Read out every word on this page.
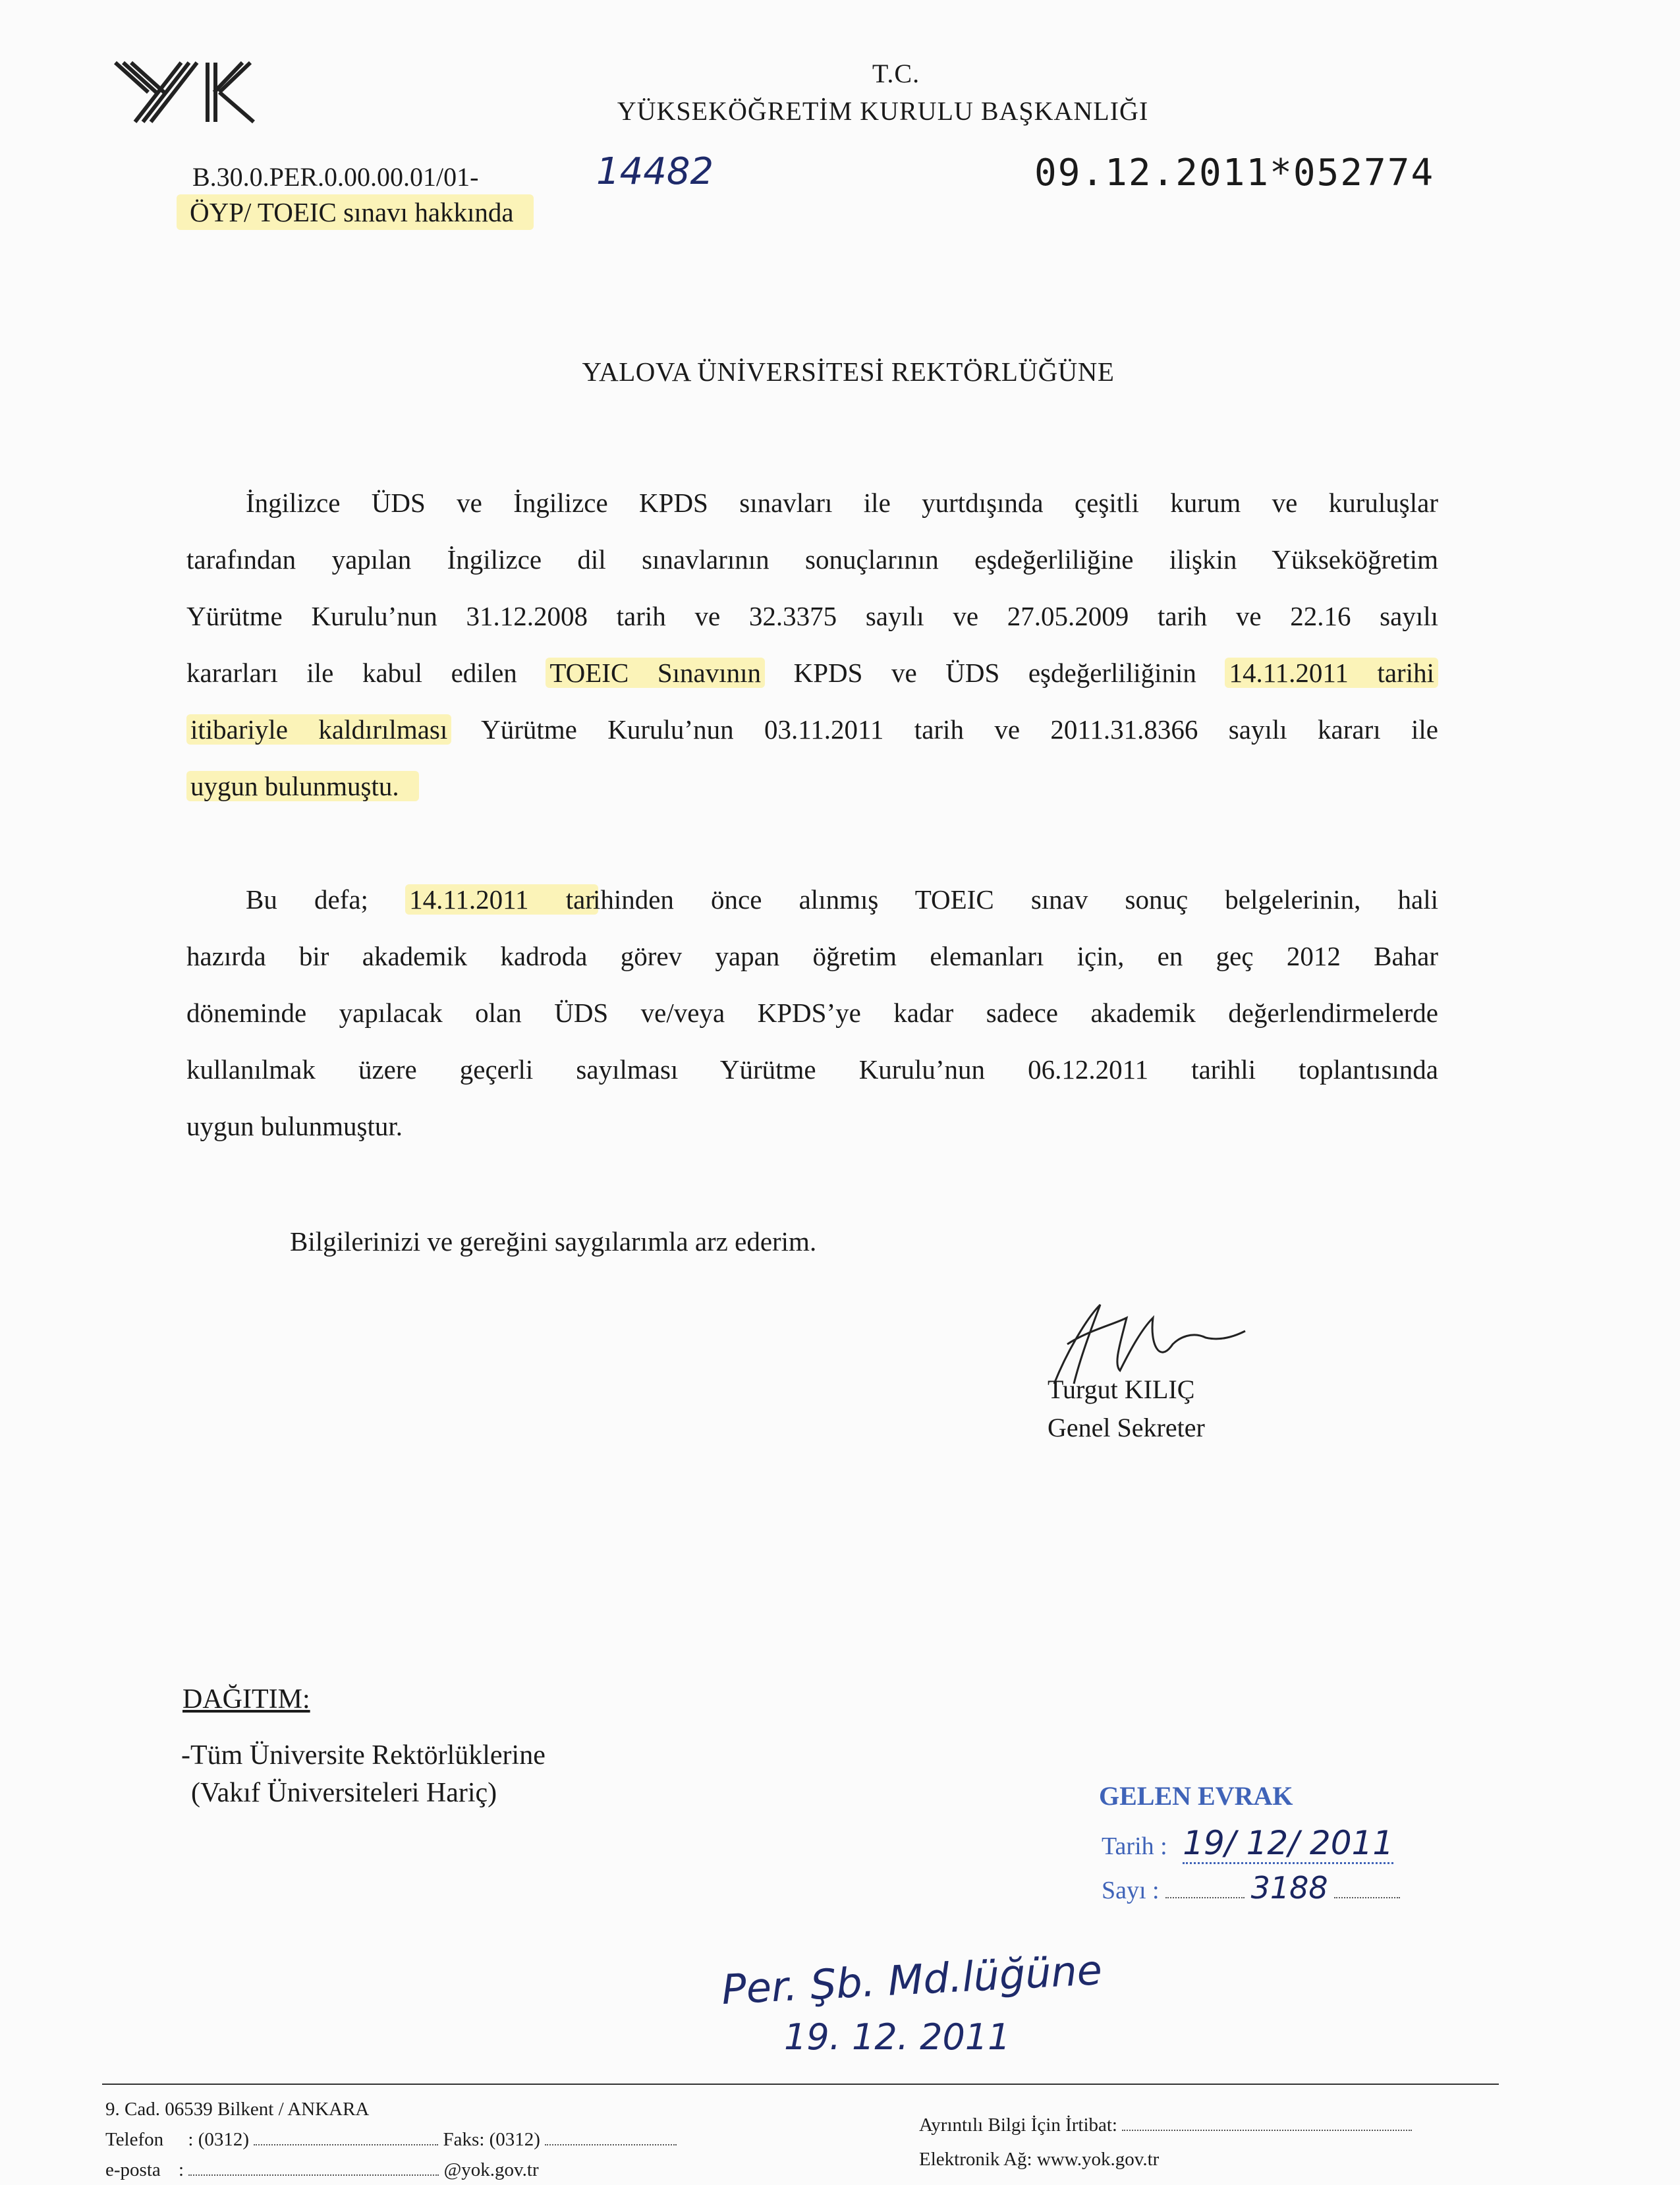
T.C.
YÜKSEKÖĞRETİM KURULU BAŞKANLIĞI
B.30.0.PER.0.00.00.01/01-	14482	09.12.2011*052774
ÖYP/ TOEIC sınavı hakkında
YALOVA ÜNİVERSİTESİ REKTÖRLÜĞÜNE
İngilizce ÜDS ve İngilizce KPDS sınavları ile yurtdışında çeşitli kurum ve kuruluşlar
tarafından yapılan İngilizce dil sınavlarının sonuçlarının eşdeğerliliğine ilişkin Yükseköğretim
Yürütme Kurulu’nun 31.12.2008 tarih ve 32.3375 sayılı ve 27.05.2009 tarih ve 22.16 sayılı
kararları ile kabul edilen TOEIC Sınavının KPDS ve ÜDS eşdeğerliliğinin 14.11.2011 tarihi
itibariyle kaldırılması Yürütme Kurulu’nun 03.11.2011 tarih ve 2011.31.8366 sayılı kararı ile
uygun bulunmuştu.
Bu defa; 14.11.2011 tarihinden önce alınmış TOEIC sınav sonuç belgelerinin, hali
hazırda bir akademik kadroda görev yapan öğretim elemanları için, en geç 2012 Bahar
döneminde yapılacak olan ÜDS ve/veya KPDS’ye kadar sadece akademik değerlendirmelerde
kullanılmak üzere geçerli sayılması Yürütme Kurulu’nun 06.12.2011 tarihli toplantısında
uygun bulunmuştur.
Bilgilerinizi ve gereğini saygılarımla arz ederim.
Turgut KILIÇ
Genel Sekreter
DAĞITIM:
-Tüm Üniversite Rektörlüklerine
(Vakıf Üniversiteleri Hariç)	GELEN EVRAK
Tarih : 19/ 12/ 2011
Sayı :	3188
Per. Şb. Md.lüğüne
19. 12. 2011
9. Cad. 06539 Bilkent / ANKARA
Telefon : (0312)	Faks: (0312)
e-posta :	@yok.gov.tr
Ayrıntılı Bilgi İçin İrtibat:
Elektronik Ağ: www.yok.gov.tr
